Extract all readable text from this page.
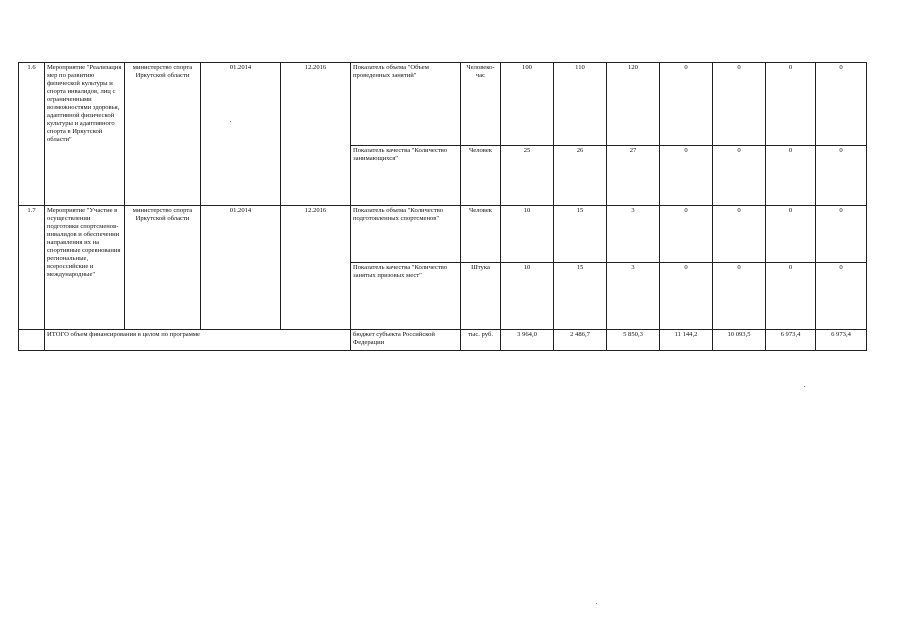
1.6	Мероприятие "Реализация мер по развитию физической культуры и спорта инвалидов, лиц с ограниченными возможностями здоровья, адаптивной физической культуры и адаптивного спорта в Иркутской области"	министерство спорта Иркутской области	01.2014	12.2016	Показатель объема "Объем проведенных занятий"	Человеко-час	100	110	120	0	0	0	0
					Показатель качества "Количество занимающихся"	Человек	25	26	27	0	0	0	0
1.7	Мероприятие "Участие в осуществлении подготовки спортсменов-инвалидов и обеспечении направления их на спортивные соревнования региональные, всероссийские и международные"	министерство спорта Иркутской области	01.2014	12.2016	Показатель объема "Количество подготовленных спортсменов"	Человек	10	15	3	0	0	0	0
					Показатель качества "Количество занятых призовых мест"	Штука	10	15	3	0	0	0	0
	ИТОГО объем финансирования в целом по программе				бюджет субъекта Российской Федерации	тыс. руб.	3 964,0	2 486,7	5 850,3	11 144,2	10 093,5	6 973,4	6 973,4
